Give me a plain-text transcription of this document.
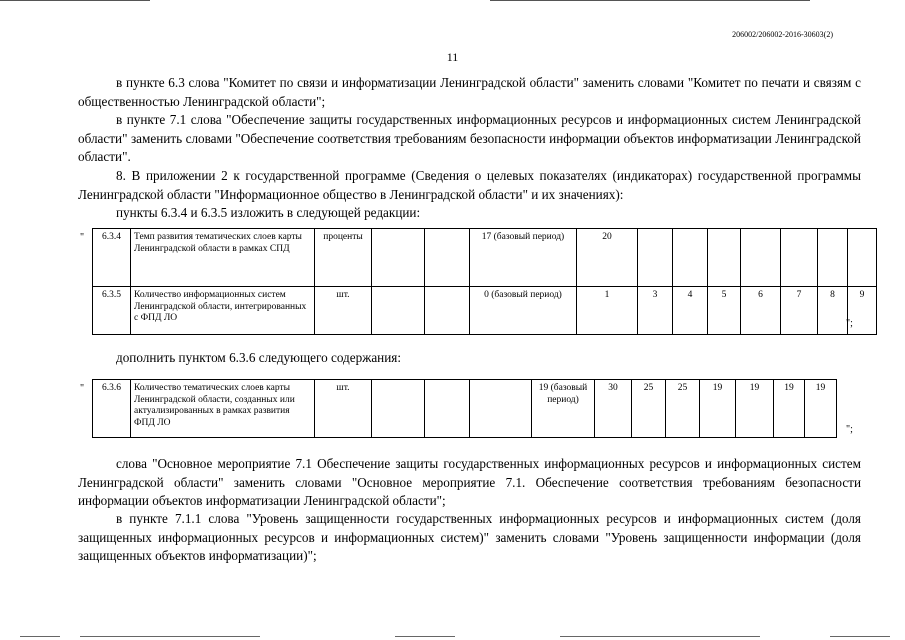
206002/206002-2016-30603(2)
11

в пункте 6.3 слова "Комитет по связи и информатизации Ленинградской области" заменить словами "Комитет по печати и связям с общественностью Ленинградской области";

в пункте 7.1 слова "Обеспечение защиты государственных информационных ресурсов и информационных систем Ленинградской области" заменить словами "Обеспечение соответствия требованиям безопасности информации объектов информатизации Ленинградской области".

8. В приложении 2 к государственной программе (Сведения о целевых показателях (индикаторах) государственной программы Ленинградской области "Информационное общество в Ленинградской области" и их значениях):

пункты 6.3.4 и 6.3.5 изложить в следующей редакции:

" 6.3.4	Темп развития тематических слоев карты Ленинградской области в рамках СПД	проценты			17 (базовый период)	20							
6.3.5	Количество информационных систем Ленинградской области, интегрированных с ФПД ЛО	шт.			0 (базовый период)	1	3	4	5	6	7	8	9
";

дополнить пунктом 6.3.6 следующего содержания:

" 6.3.6	Количество тематических слоев карты Ленинградской области, созданных или актуализированных в рамках развития ФПД ЛО	шт.				19 (базовый период)	30	25	25	19	19	19	19
";

слова "Основное мероприятие 7.1 Обеспечение защиты государственных информационных ресурсов и информационных систем Ленинградской области" заменить словами "Основное мероприятие 7.1. Обеспечение соответствия требованиям безопасности информации объектов информатизации Ленинградской области";

в пункте 7.1.1 слова "Уровень защищенности государственных информационных ресурсов и информационных систем (доля защищенных информационных ресурсов и информационных систем)" заменить словами "Уровень защищенности информации (доля защищенных объектов информатизации)";
